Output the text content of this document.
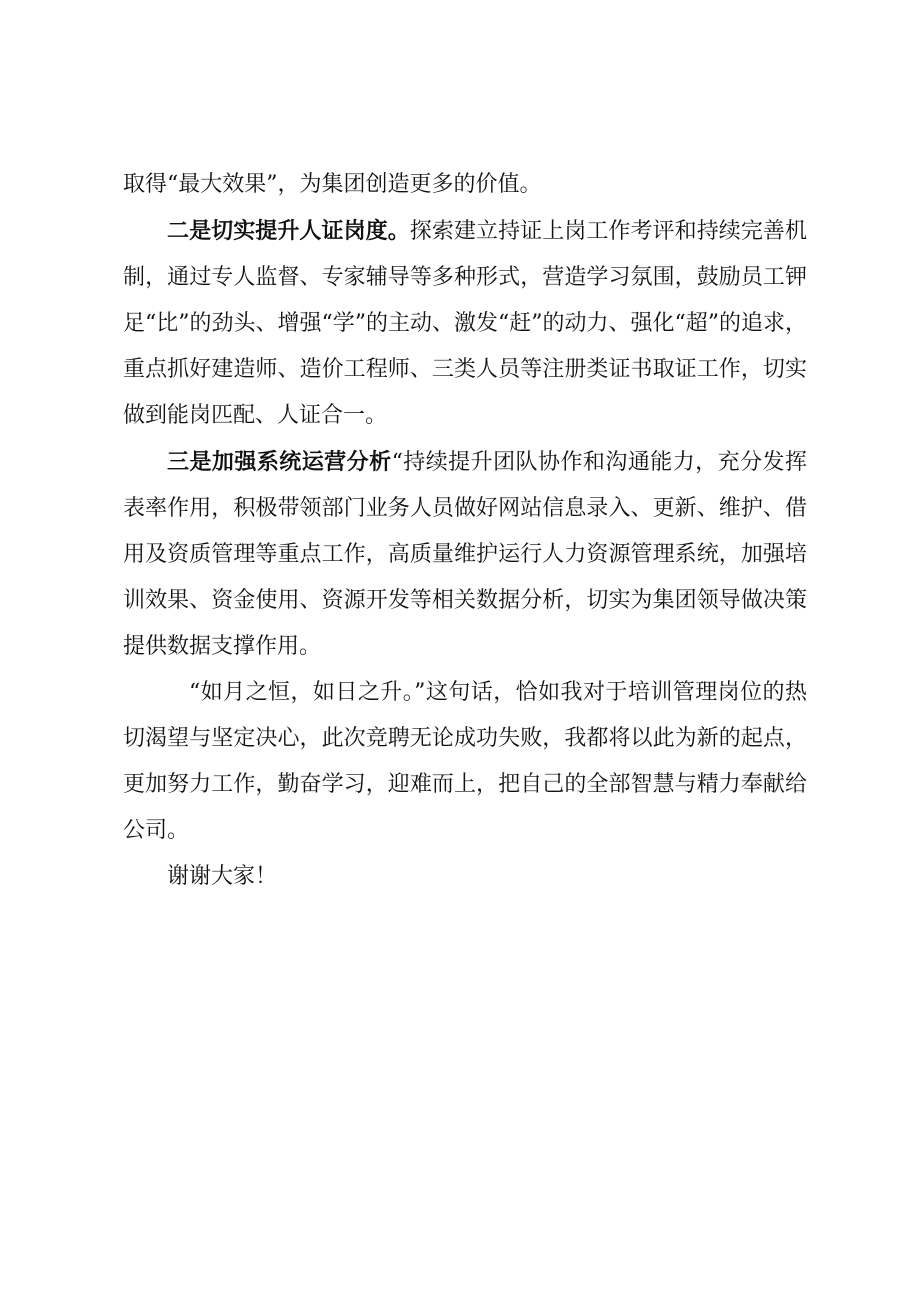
取得“最大效果”，为集团创造更多的价值。

二是切实提升人证岗度。探索建立持证上岗工作考评和持续完善机制，通过专人监督、专家辅导等多种形式，营造学习氛围，鼓励员工钾足“比”的劲头、增强“学”的主动、激发“赶”的动力、强化“超”的追求，重点抓好建造师、造价工程师、三类人员等注册类证书取证工作，切实做到能岗匹配、人证合一。

三是加强系统运营分析“持续提升团队协作和沟通能力，充分发挥表率作用，积极带领部门业务人员做好网站信息录入、更新、维护、借用及资质管理等重点工作，高质量维护运行人力资源管理系统，加强培训效果、资金使用、资源开发等相关数据分析，切实为集团领导做决策提供数据支撑作用。

“如月之恒，如日之升。”这句话，恰如我对于培训管理岗位的热切渴望与坚定决心，此次竞聘无论成功失败，我都将以此为新的起点，更加努力工作，勤奋学习，迎难而上，把自己的全部智慧与精力奉献给公司。

谢谢大家！
